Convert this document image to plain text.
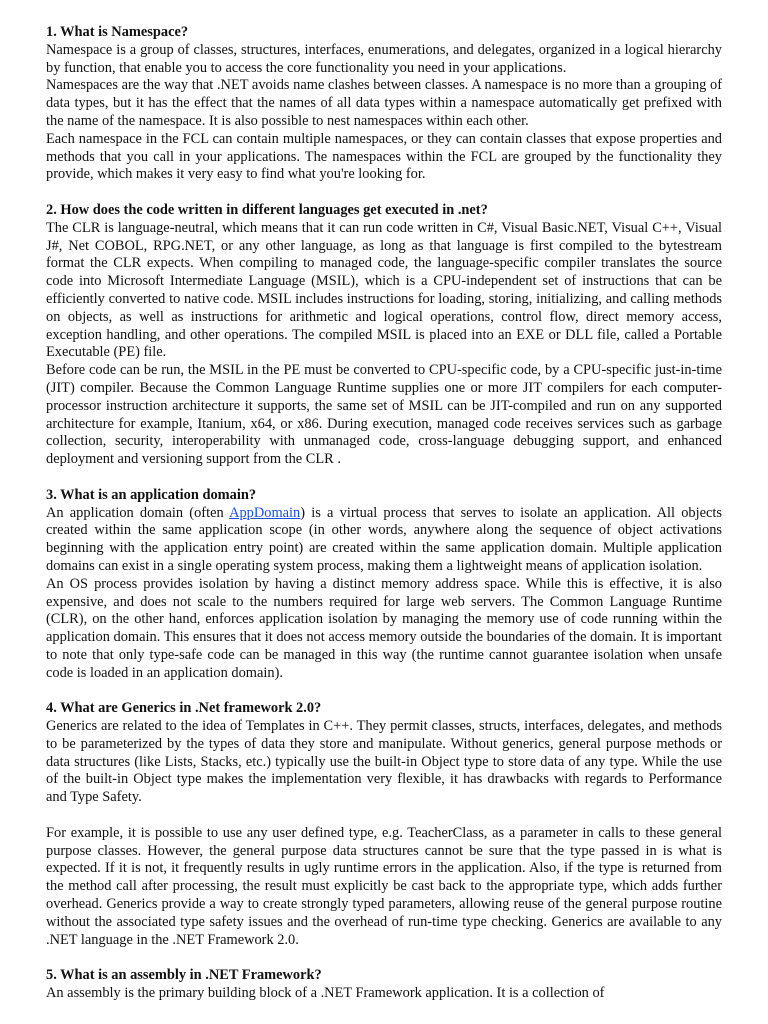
1. What is Namespace?

Namespace is a group of classes, structures, interfaces, enumerations, and delegates, organized in a logical hierarchy by function, that enable you to access the core functionality you need in your applications.

Namespaces are the way that .NET avoids name clashes between classes. A namespace is no more than a grouping of data types, but it has the effect that the names of all data types within a namespace automatically get prefixed with the name of the namespace. It is also possible to nest namespaces within each other.

Each namespace in the FCL can contain multiple namespaces, or they can contain classes that expose properties and methods that you call in your applications. The namespaces within the FCL are grouped by the functionality they provide, which makes it very easy to find what you're looking for.

2. How does the code written in different languages get executed in .net?

The CLR is language-neutral, which means that it can run code written in C#, Visual Basic.NET, Visual C++, Visual J#, Net COBOL, RPG.NET, or any other language, as long as that language is first compiled to the bytestream format the CLR expects. When compiling to managed code, the language-specific compiler translates the source code into Microsoft Intermediate Language (MSIL), which is a CPU-independent set of instructions that can be efficiently converted to native code. MSIL includes instructions for loading, storing, initializing, and calling methods on objects, as well as instructions for arithmetic and logical operations, control flow, direct memory access, exception handling, and other operations. The compiled MSIL is placed into an EXE or DLL file, called a Portable Executable (PE) file.

Before code can be run, the MSIL in the PE must be converted to CPU-specific code, by a CPU-specific just-in-time (JIT) compiler. Because the Common Language Runtime supplies one or more JIT compilers for each computer-processor instruction architecture it supports, the same set of MSIL can be JIT-compiled and run on any supported architecture for example, Itanium, x64, or x86. During execution, managed code receives services such as garbage collection, security, interoperability with unmanaged code, cross-language debugging support, and enhanced deployment and versioning support from the CLR .

3. What is an application domain?

An application domain (often AppDomain) is a virtual process that serves to isolate an application. All objects created within the same application scope (in other words, anywhere along the sequence of object activations beginning with the application entry point) are created within the same application domain. Multiple application domains can exist in a single operating system process, making them a lightweight means of application isolation.

An OS process provides isolation by having a distinct memory address space. While this is effective, it is also expensive, and does not scale to the numbers required for large web servers. The Common Language Runtime (CLR), on the other hand, enforces application isolation by managing the memory use of code running within the application domain. This ensures that it does not access memory outside the boundaries of the domain. It is important to note that only type-safe code can be managed in this way (the runtime cannot guarantee isolation when unsafe code is loaded in an application domain).

4. What are Generics in .Net framework 2.0?

Generics are related to the idea of Templates in C++. They permit classes, structs, interfaces, delegates, and methods to be parameterized by the types of data they store and manipulate. Without generics, general purpose methods or data structures (like Lists, Stacks, etc.) typically use the built-in Object type to store data of any type. While the use of the built-in Object type makes the implementation very flexible, it has drawbacks with regards to Performance and Type Safety.

For example, it is possible to use any user defined type, e.g. TeacherClass, as a parameter in calls to these general purpose classes. However, the general purpose data structures cannot be sure that the type passed in is what is expected. If it is not, it frequently results in ugly runtime errors in the application. Also, if the type is returned from the method call after processing, the result must explicitly be cast back to the appropriate type, which adds further overhead. Generics provide a way to create strongly typed parameters, allowing reuse of the general purpose routine without the associated type safety issues and the overhead of run-time type checking. Generics are available to any .NET language in the .NET Framework 2.0.

5. What is an assembly in .NET Framework?

An assembly is the primary building block of a .NET Framework application. It is a collection of
